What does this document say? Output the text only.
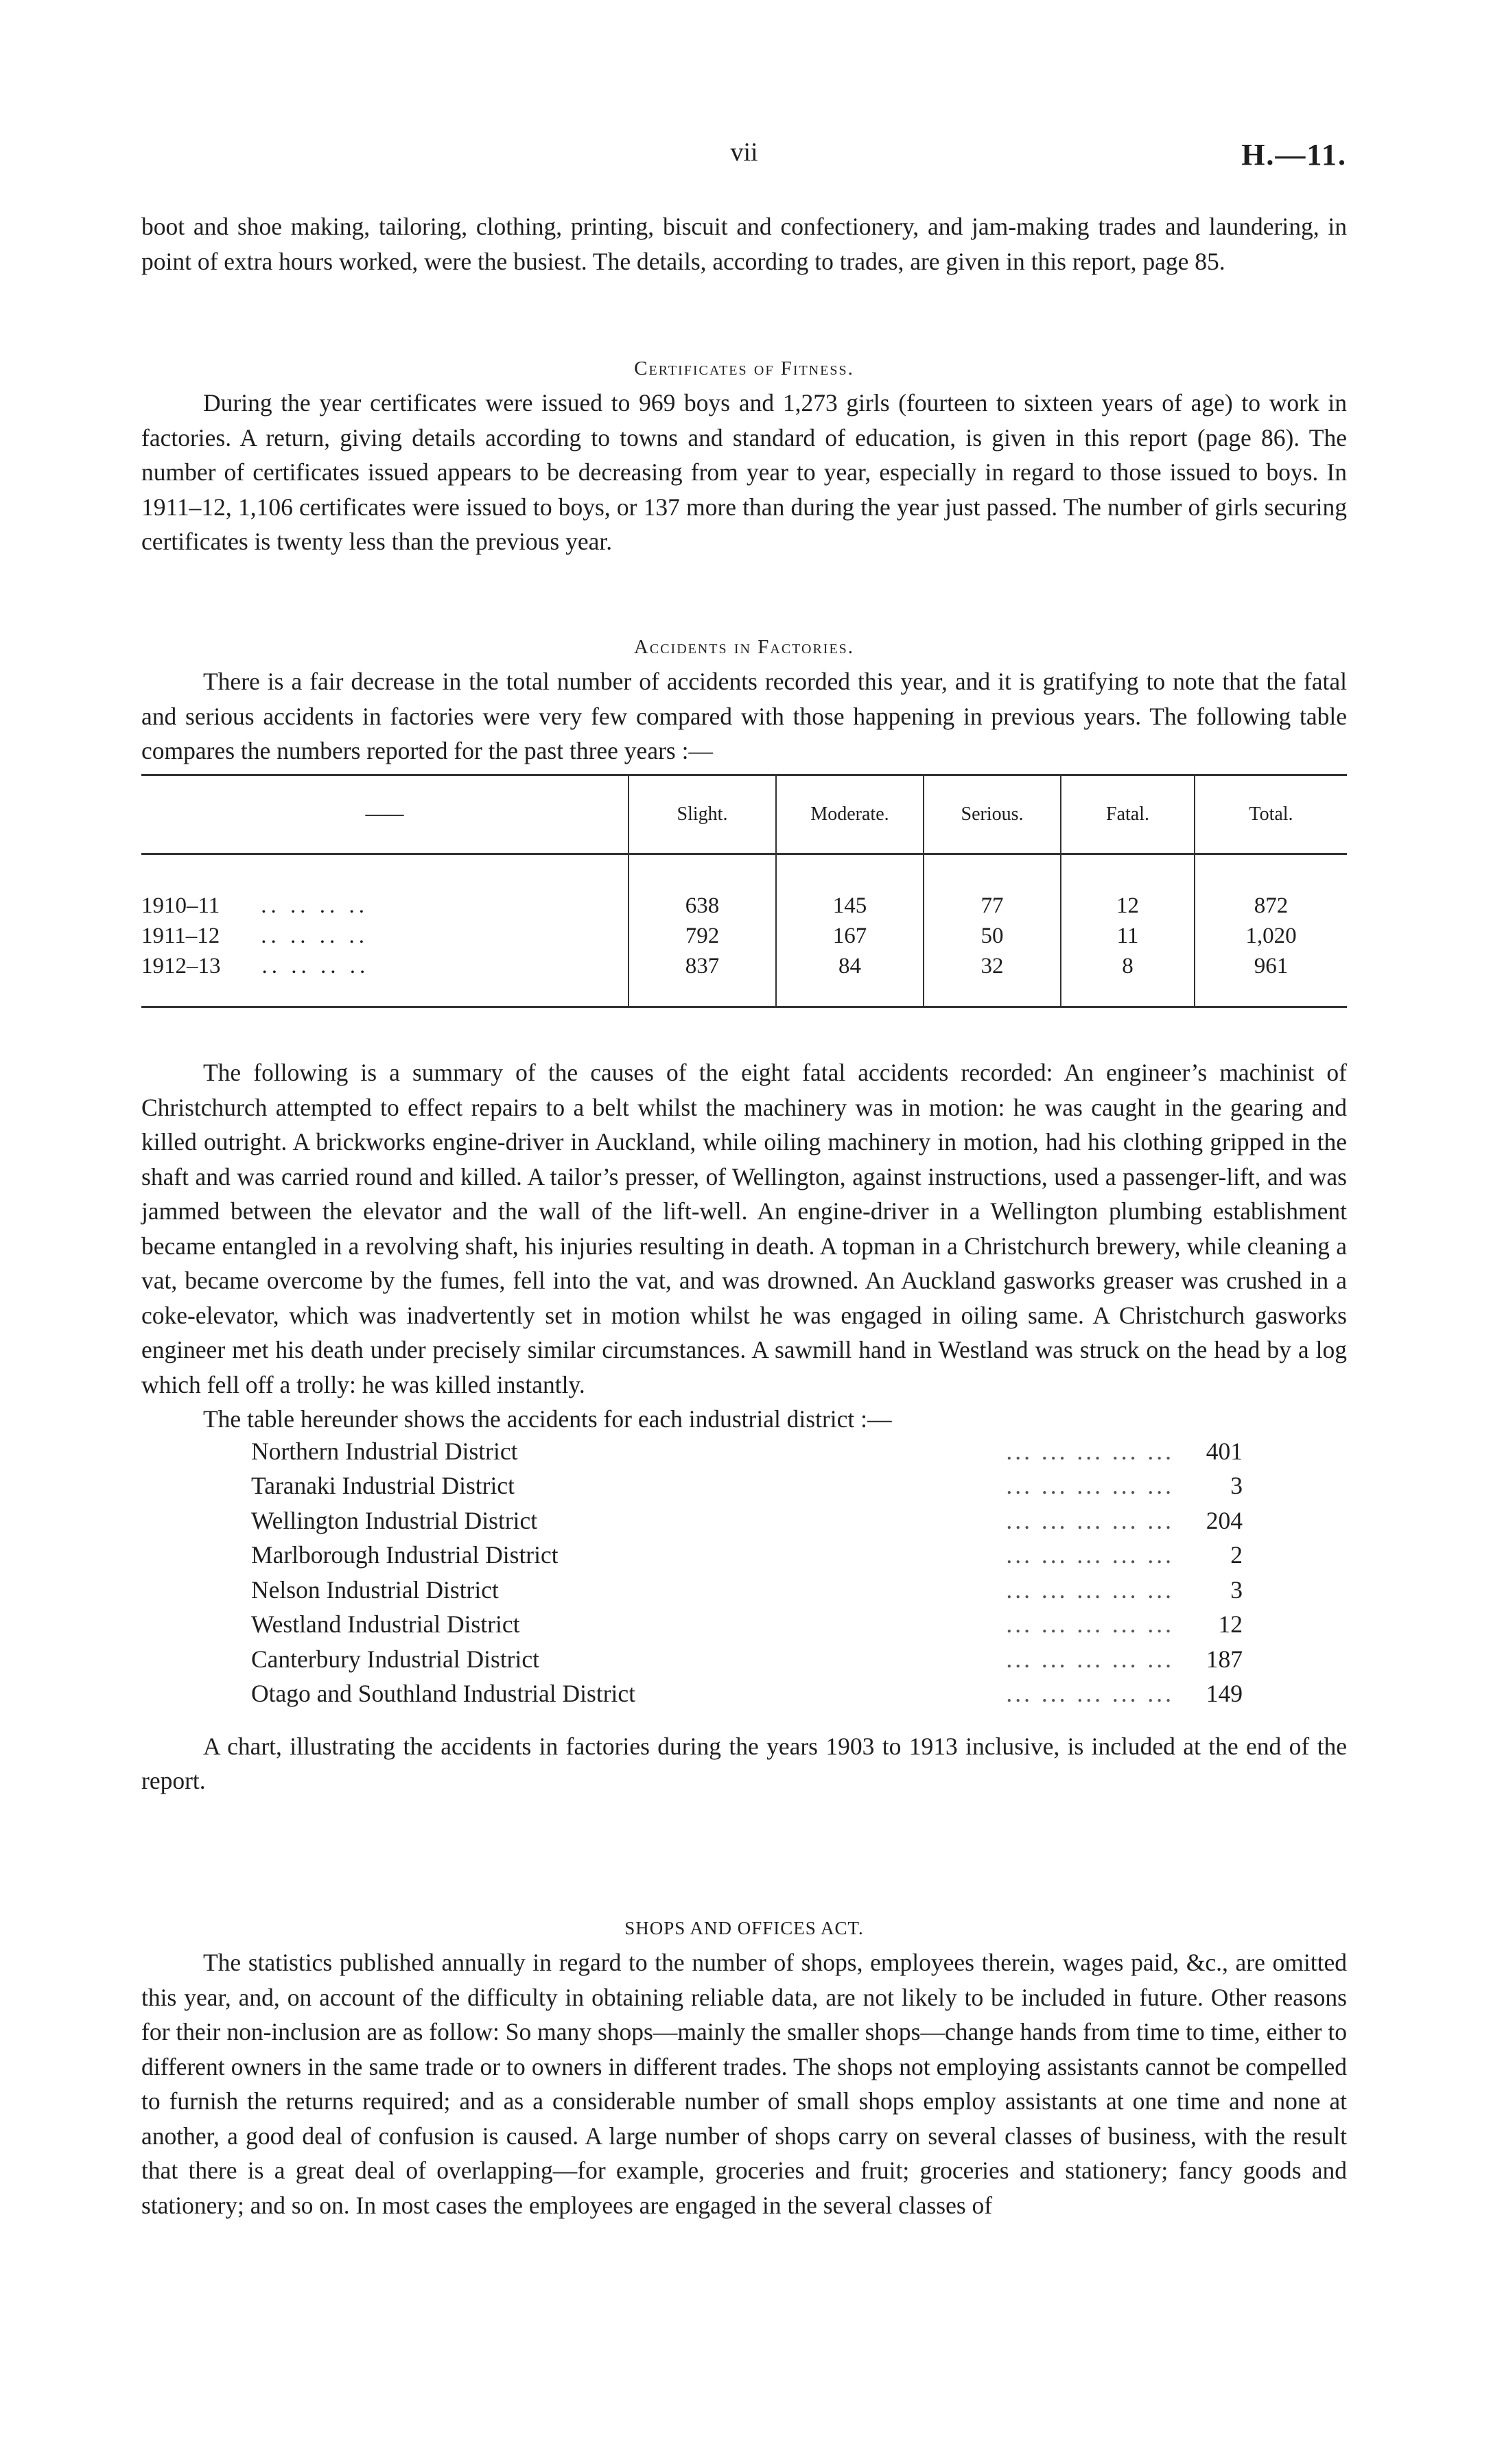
vii	H.—11.

boot and shoe making, tailoring, clothing, printing, biscuit and confectionery, and jam-making trades and laundering, in point of extra hours worked, were the busiest. The details, according to trades, are given in this report, page 85.

Certificates of Fitness.

During the year certificates were issued to 969 boys and 1,273 girls (fourteen to sixteen years of age) to work in factories. A return, giving details according to towns and standard of education, is given in this report (page 86). The number of certificates issued appears to be decreasing from year to year, especially in regard to those issued to boys. In 1911–12, 1,106 certificates were issued to boys, or 137 more than during the year just passed. The number of girls securing certificates is twenty less than the previous year.

Accidents in Factories.

There is a fair decrease in the total number of accidents recorded this year, and it is gratifying to note that the fatal and serious accidents in factories were very few compared with those happening in previous years. The following table compares the numbers reported for the past three years :—

——	Slight.	Moderate.	Serious.	Fatal.	Total.
1910–11 .. .. .. ..	638	145	77	12	872
1911–12 .. .. .. ..	792	167	50	11	1,020
1912–13 .. .. .. ..	837	84	32	8	961

The following is a summary of the causes of the eight fatal accidents recorded: An engineer’s machinist of Christchurch attempted to effect repairs to a belt whilst the machinery was in motion: he was caught in the gearing and killed outright. A brickworks engine-driver in Auckland, while oiling machinery in motion, had his clothing gripped in the shaft and was carried round and killed. A tailor’s presser, of Wellington, against instructions, used a passenger-lift, and was jammed between the elevator and the wall of the lift-well. An engine-driver in a Wellington plumbing establishment became entangled in a revolving shaft, his injuries resulting in death. A topman in a Christchurch brewery, while cleaning a vat, became overcome by the fumes, fell into the vat, and was drowned. An Auckland gasworks greaser was crushed in a coke-elevator, which was inadvertently set in motion whilst he was engaged in oiling same. A Christchurch gasworks engineer met his death under precisely similar circumstances. A sawmill hand in Westland was struck on the head by a log which fell off a trolly: he was killed instantly.

The table hereunder shows the accidents for each industrial district :—

Northern Industrial District	... ... ... ... ...	401
Taranaki Industrial District	... ... ... ... ...	3
Wellington Industrial District	... ... ... ... ...	204
Marlborough Industrial District	... ... ... ... ...	2
Nelson Industrial District	... ... ... ... ...	3
Westland Industrial District	... ... ... ... ...	12
Canterbury Industrial District	... ... ... ... ...	187
Otago and Southland Industrial District	... ... ... ... ...	149

A chart, illustrating the accidents in factories during the years 1903 to 1913 inclusive, is included at the end of the report.

SHOPS AND OFFICES ACT.

The statistics published annually in regard to the number of shops, employees therein, wages paid, &c., are omitted this year, and, on account of the difficulty in obtaining reliable data, are not likely to be included in future. Other reasons for their non-inclusion are as follow: So many shops—mainly the smaller shops—change hands from time to time, either to different owners in the same trade or to owners in different trades. The shops not employing assistants cannot be compelled to furnish the returns required; and as a considerable number of small shops employ assistants at one time and none at another, a good deal of confusion is caused. A large number of shops carry on several classes of business, with the result that there is a great deal of overlapping—for example, groceries and fruit; groceries and stationery; fancy goods and stationery; and so on. In most cases the employees are engaged in the several classes of
